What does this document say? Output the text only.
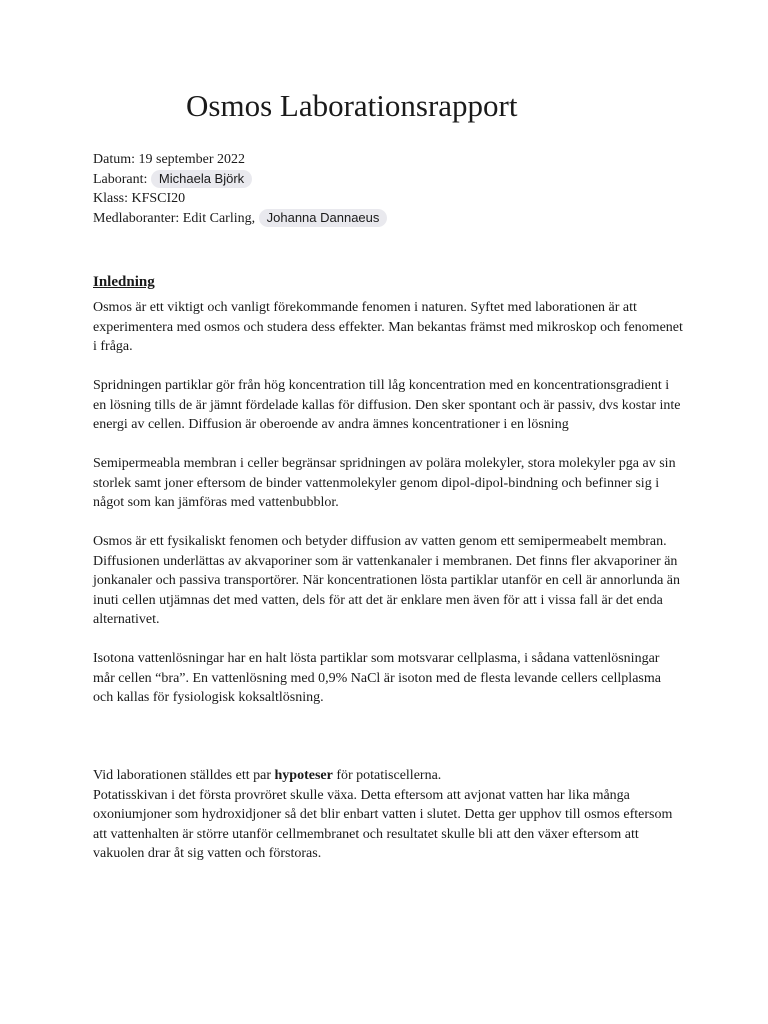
Osmos Laborationsrapport
Datum: 19 september 2022
Laborant: Michaela Björk
Klass: KFSCI20
Medlaboranter: Edit Carling, Johanna Dannaeus
Inledning

Osmos är ett viktigt och vanligt förekommande fenomen i naturen. Syftet med laborationen är att experimentera med osmos och studera dess effekter. Man bekantas främst med mikroskop och fenomenet i fråga.

Spridningen partiklar gör från hög koncentration till låg koncentration med en koncentrationsgradient i en lösning tills de är jämnt fördelade kallas för diffusion. Den sker spontant och är passiv, dvs kostar inte energi av cellen. Diffusion är oberoende av andra ämnes koncentrationer i en lösning

Semipermeabla membran i celler begränsar spridningen av polära molekyler, stora molekyler pga av sin storlek samt joner eftersom de binder vattenmolekyler genom dipol-dipol-bindning och befinner sig i något som kan jämföras med vattenbubblor.

Osmos är ett fysikaliskt fenomen och betyder diffusion av vatten genom ett semipermeabelt membran. Diffusionen underlättas av akvaporiner som är vattenkanaler i membranen. Det finns fler akvaporiner än jonkanaler och passiva transportörer. När koncentrationen lösta partiklar utanför en cell är annorlunda än inuti cellen utjämnas det med vatten, dels för att det är enklare men även för att i vissa fall är det enda alternativet.

Isotona vattenlösningar har en halt lösta partiklar som motsvarar cellplasma, i sådana vattenlösningar mår cellen “bra”. En vattenlösning med 0,9% NaCl är isoton med de flesta levande cellers cellplasma och kallas för fysiologisk koksaltlösning.

Vid laborationen ställdes ett par hypoteser för potatiscellerna.

Potatisskivan i det första provröret skulle växa. Detta eftersom att avjonat vatten har lika många oxoniumjoner som hydroxidjoner så det blir enbart vatten i slutet. Detta ger upphov till osmos eftersom att vattenhalten är större utanför cellmembranet och resultatet skulle bli att den växer eftersom att vakuolen drar åt sig vatten och förstoras.
